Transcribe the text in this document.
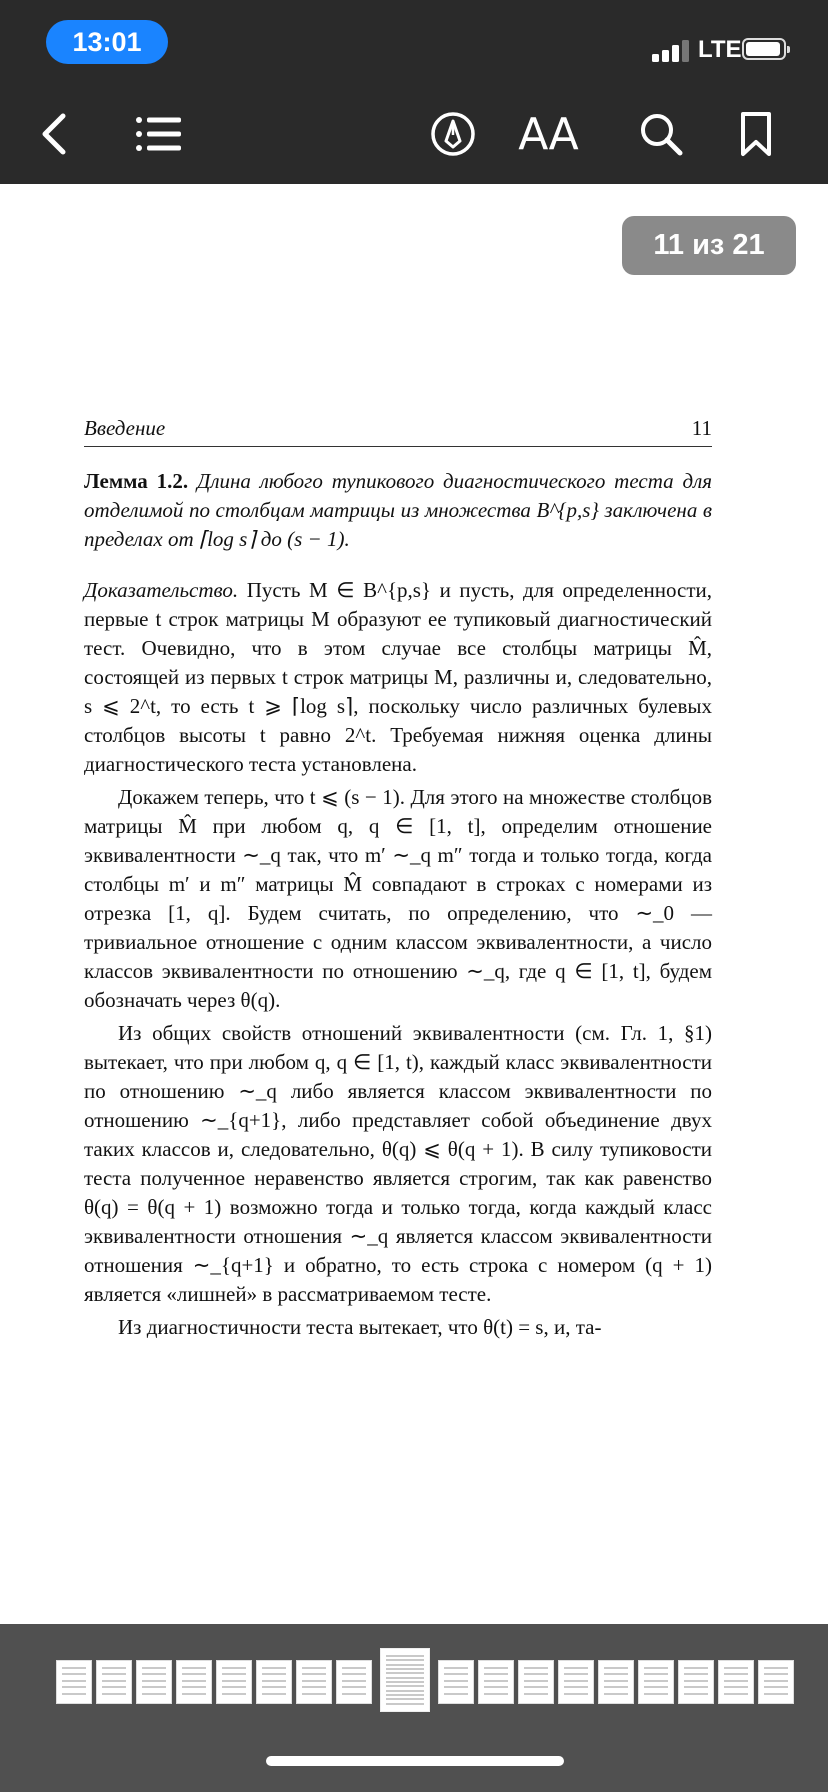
13:01	LTE
AA
11 из 21
Введение	11
Лемма 1.2. Длина любого тупикового диагностического теста для отделимой по столбцам матрицы из множества B^{p,s} заключена в пределах от ⌈log s⌉ до (s − 1).
Доказательство. Пусть M ∈ B^{p,s} и пусть, для определенности, первые t строк матрицы M образуют ее тупиковый диагностический тест. Очевидно, что в этом случае все столбцы матрицы M̂, состоящей из первых t строк матрицы M, различны и, следовательно, s ⩽ 2^t, то есть t ⩾ ⌈log s⌉, поскольку число различных булевых столбцов высоты t равно 2^t. Требуемая нижняя оценка длины диагностического теста установлена.
Докажем теперь, что t ⩽ (s − 1). Для этого на множестве столбцов матрицы M̂ при любом q, q ∈ [1, t], определим отношение эквивалентности ∼_q так, что m′ ∼_q m″ тогда и только тогда, когда столбцы m′ и m″ матрицы M̂ совпадают в строках с номерами из отрезка [1, q]. Будем считать, по определению, что ∼_0 — тривиальное отношение с одним классом эквивалентности, а число классов эквивалентности по отношению ∼_q, где q ∈ [1, t], будем обозначать через θ(q).
Из общих свойств отношений эквивалентности (см. Гл. 1, §1) вытекает, что при любом q, q ∈ [1, t), каждый класс эквивалентности по отношению ∼_q либо является классом эквивалентности по отношению ∼_{q+1}, либо представляет собой объединение двух таких классов и, следовательно, θ(q) ⩽ θ(q + 1). В силу тупиковости теста полученное неравенство является строгим, так как равенство θ(q) = θ(q + 1) возможно тогда и только тогда, когда каждый класс эквивалентности отношения ∼_q является классом эквивалентности отношения ∼_{q+1} и обратно, то есть строка с номером (q + 1) является «лишней» в рассматриваемом тесте.
Из диагностичности теста вытекает, что θ(t) = s, и, та-
